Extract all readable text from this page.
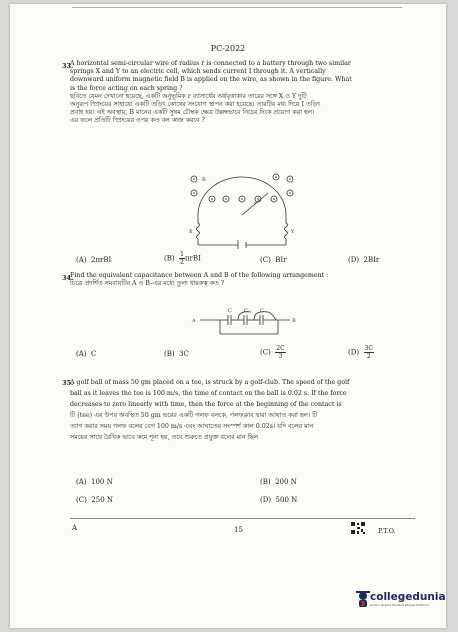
PC-2022
33.
A horizontal semi-circular wire of radius r is connected to a battery through two similar
springs X and Y to an electric cell, which sends current I through it. A vertically
downward uniform magnetic field B is applied on the wire, as shown in the figure. What
is the force acting on each spring ?
ছবিতে যেমন দেখানো হয়েছে, একটি অনুভূমিক r ব্যাসার্ধের অর্ধবৃত্তাকার তারের সঙ্গে X ও Y দুটি
অনুরূপ স্প্রিংয়ের সাহায্যে একটি তড়িৎ কোষের সংযোগ স্থাপন করা হয়েছে। তারটির মধ্য দিয়ে I তড়িৎ
প্রবাহ হয়। এই অবস্থায়, B মানের একটি সুষম চৌম্বক ক্ষেত্র উল্লম্বভাবে নিচের দিকে প্রয়োগ করা হল।
এর ফলে প্রতিটি স্প্রিংয়ের ওপর কত বল কাজ করবে ?
B
r
X	Y
(A) 2πrBI	$(B) \frac{1}{2}$ πrBI	(C) BIr	(D) 2BIr
34.
Find the equivalent capacitance between A and B of the following arrangement :
চিত্রে প্রদর্শিত সমবায়টির A ও B–এর মধ্যে তুল্য ধারকত্ব কত ?
A	B
C C C
(A) C	(B) 3C	$(C) \frac{2C}{3}$	$(D) \frac{3C}{2}$
35.
A golf ball of mass 50 gm placed on a tee, is struck by a golf-club. The speed of the golf
ball as it leaves the tee is 100 m/s, the time of contact on the ball is 0.02 s. If the force
decreases to zero linearly with time, then the force at the beginning of the contact is
টি (tee) এর উপর অবস্থিত 50 gm ভরের একটি গলফ বলকে, গলফক্লাব দ্বারা আঘাত করা হল। টি
ত্যাগ করার সময় গলফ বলের বেগ 100 m/s এবং আঘাতের সংস্পর্শ কাল 0.02s। যদি বলের মান
সময়ের সাথে রৈখিক ভাবে কমে শূন্য হয়, তবে শুরুতে প্রযুক্ত বলের মান ছিল
(A) 100 N	(B) 200 N
(C) 250 N	(D) 500 N
A	15	P.T.O.
collegedunia
India's largest Student Review Platform
